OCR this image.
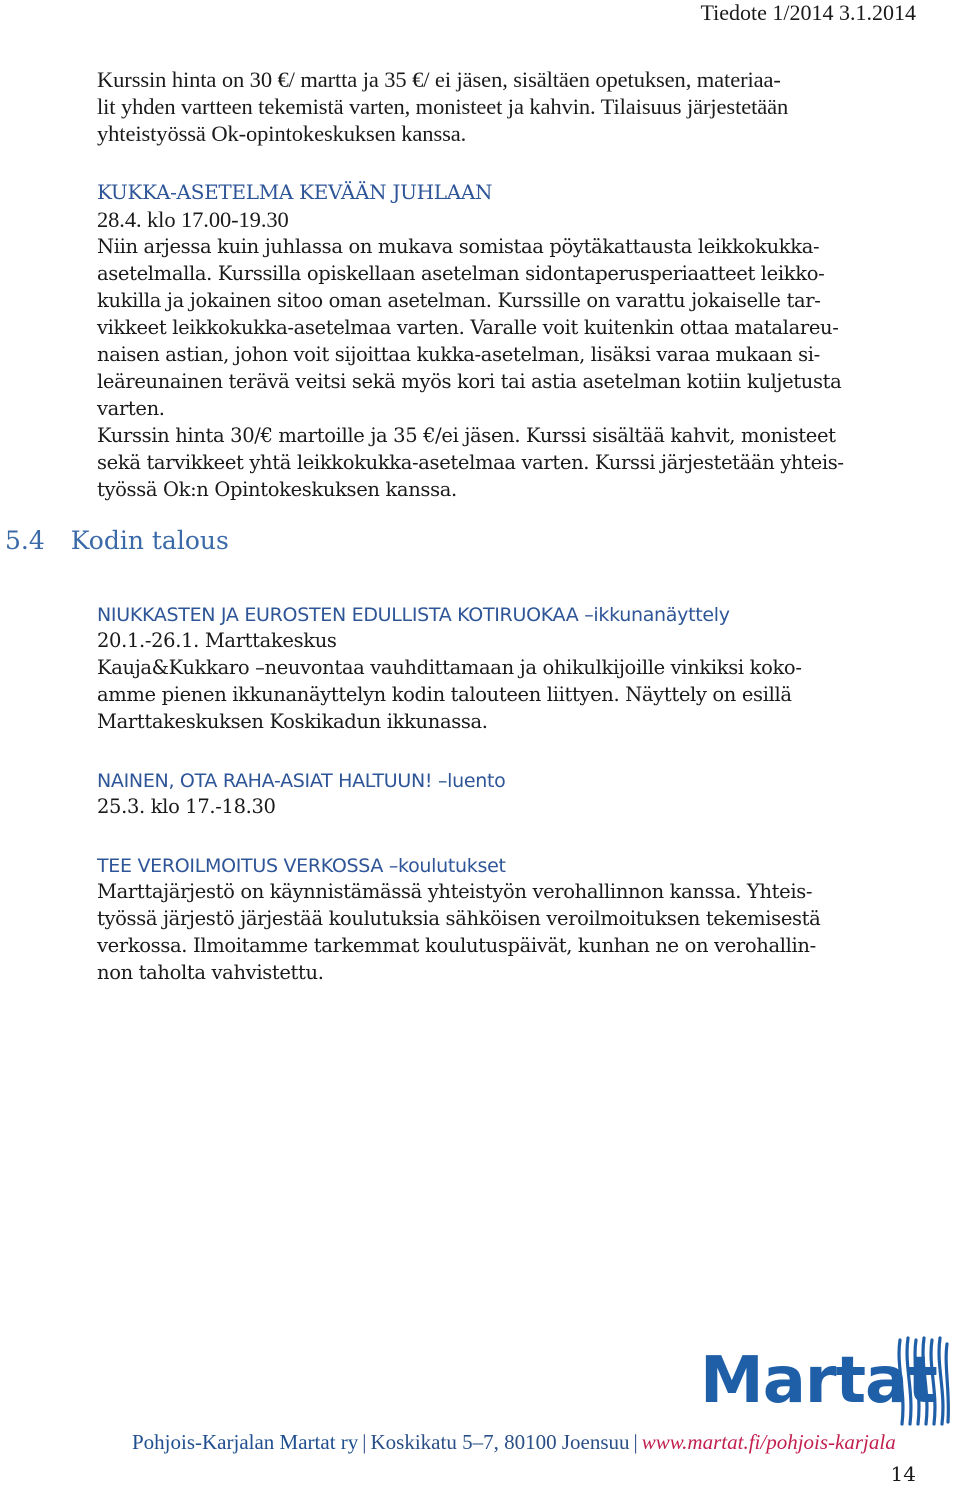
Tiedote 1/2014 3.1.2014

Kurssin hinta on 30 €/ martta ja 35 €/ ei jäsen, sisältäen opetuksen, materiaa-
lit yhden vartteen tekemistä varten, monisteet ja kahvin. Tilaisuus järjestetään
yhteistyössä Ok-opintokeskuksen kanssa.

KUKKA-ASETELMA KEVÄÄN JUHLAAN

28.4. klo 17.00-19.30

Niin arjessa kuin juhlassa on mukava somistaa pöytäkattausta leikkokukka-
asetelmalla. Kurssilla opiskellaan asetelman sidontaperusperiaatteet leikko-
kukilla ja jokainen sitoo oman asetelman. Kurssille on varattu jokaiselle tar-
vikkeet leikkokukka-asetelmaa varten. Varalle voit kuitenkin ottaa matalareu-
naisen astian, johon voit sijoittaa kukka-asetelman, lisäksi varaa mukaan si-
leäreunainen terävä veitsi sekä myös kori tai astia asetelman kotiin kuljetusta
varten.
Kurssin hinta 30/€ martoille ja 35 €/ei jäsen. Kurssi sisältää kahvit, monisteet
sekä tarvikkeet yhtä leikkokukka-asetelmaa varten. Kurssi järjestetään yhteis-
työssä Ok:n Opintokeskuksen kanssa.

5.4 Kodin talous
NIUKKASTEN JA EUROSTEN EDULLISTA KOTIRUOKAA –ikkunanäyttely

20.1.-26.1. Marttakeskus
Kauja&Kukkaro –neuvontaa vauhdittamaan ja ohikulkijoille vinkiksi koko-
amme pienen ikkunanäyttelyn kodin talouteen liittyen. Näyttely on esillä
Marttakeskuksen Koskikadun ikkunassa.

NAINEN, OTA RAHA-ASIAT HALTUUN! –luento

25.3. klo 17.-18.30

TEE VEROILMOITUS VERKOSSA –koulutukset

Marttajärjestö on käynnistämässä yhteistyön verohallinnon kanssa. Yhteis-
työssä järjestö järjestää koulutuksia sähköisen veroilmoituksen tekemisestä
verkossa. Ilmoitamme tarkemmat koulutuspäivät, kunhan ne on verohallin-
non taholta vahvistettu.

Martat
Pohjois-Karjalan Martat ry | Koskikatu 5–7, 80100 Joensuu | www.martat.fi/pohjois-karjala
14
